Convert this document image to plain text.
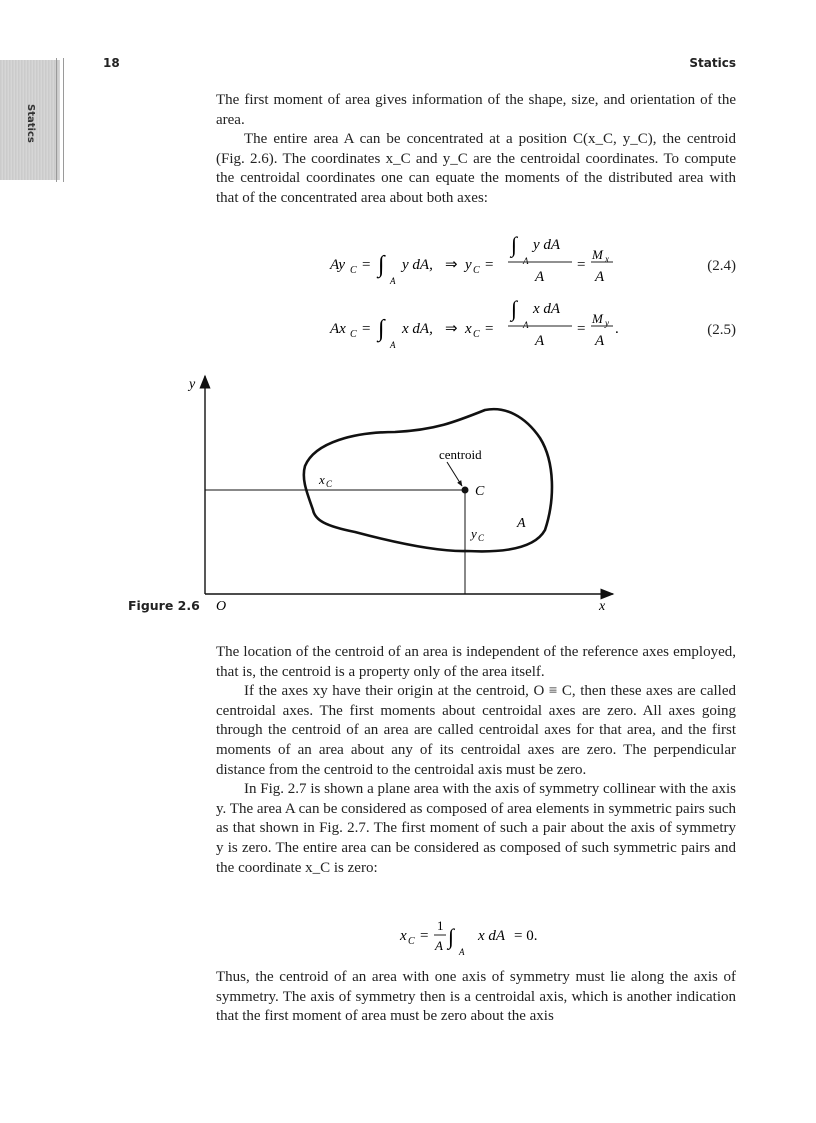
Statics
18	Statics

The first moment of area gives information of the shape, size, and orientation of the area.

The entire area A can be concentrated at a position C(x_C, y_C), the centroid (Fig. 2.6). The coordinates x_C and y_C are the centroidal coordinates. To compute the centroidal coordinates one can equate the moments of the distributed area with that of the concentrated area about both axes:

Ay C = ∫
A
y dA, ⇒ y C =
∫
A
y dA
A
=
M x
A
(2.4)
Ax C = ∫
A
x dA, ⇒ x C =
∫
A
x dA
A
=
M y
A
.	(2.5)
Figure 2.6
y
x
O
centroid
C
A
x C
y C

The location of the centroid of an area is independent of the reference axes employed, that is, the centroid is a property only of the area itself.

If the axes xy have their origin at the centroid, O ≡ C, then these axes are called centroidal axes. The first moments about centroidal axes are zero. All axes going through the centroid of an area are called centroidal axes for that area, and the first moments of an area about any of its centroidal axes are zero. The perpendicular distance from the centroid to the centroidal axis must be zero.

In Fig. 2.7 is shown a plane area with the axis of symmetry collinear with the axis y. The area A can be considered as composed of area elements in symmetric pairs such as that shown in Fig. 2.7. The first moment of such a pair about the axis of symmetry y is zero. The entire area can be considered as composed of such symmetric pairs and the coordinate x_C is zero:

x C =
1
A ∫
A
x dA = 0.

Thus, the centroid of an area with one axis of symmetry must lie along the axis of symmetry. The axis of symmetry then is a centroidal axis, which is another indication that the first moment of area must be zero about the axis
